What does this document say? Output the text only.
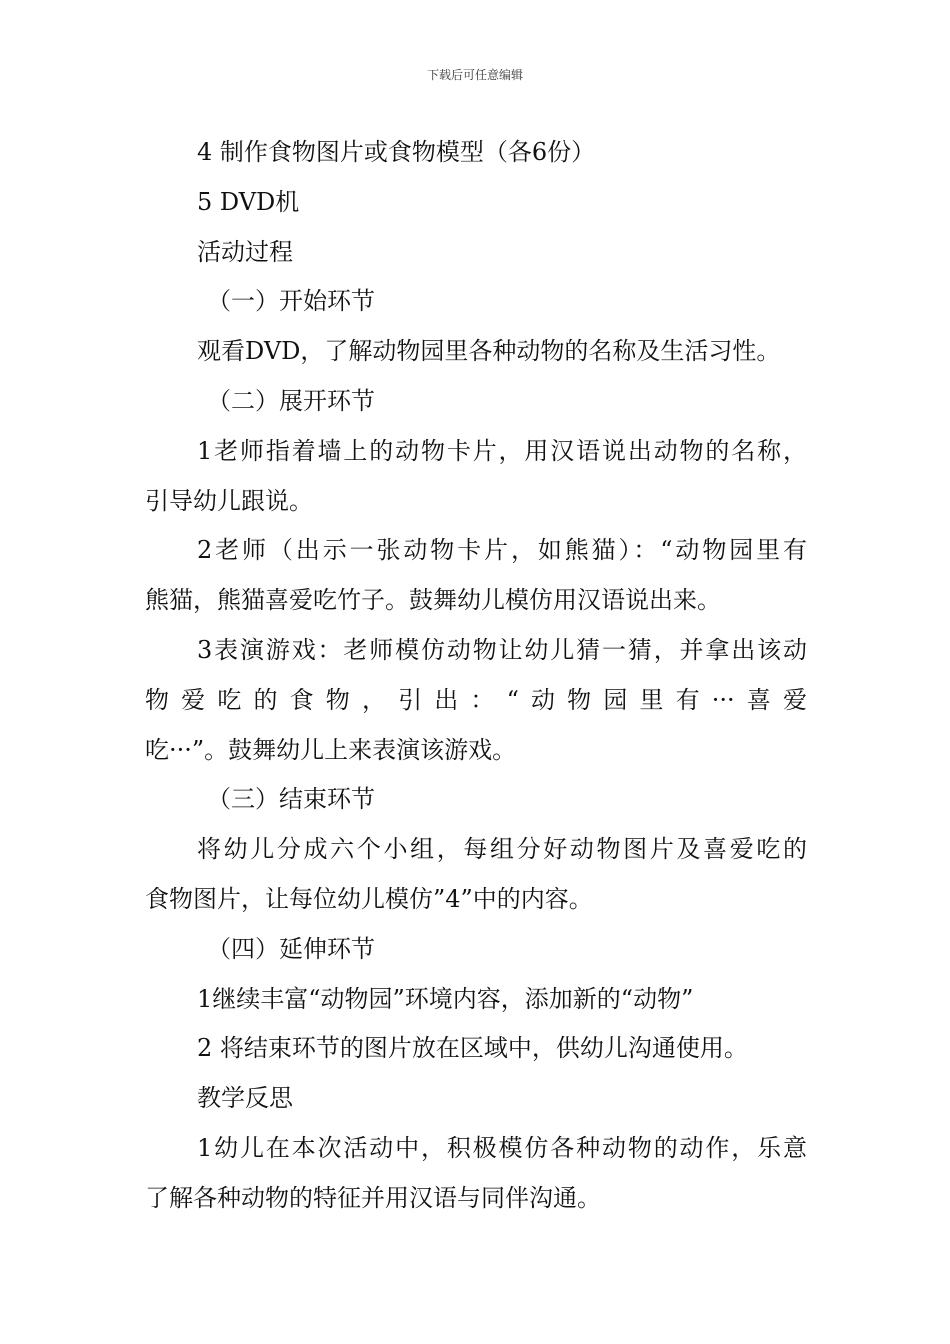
下载后可任意编辑
4 制作食物图片或食物模型（各6份）
5 DVD机
活动过程
（一）开始环节
观看DVD，了解动物园里各种动物的名称及生活习性。
（二）展开环节
1老师指着墙上的动物卡片，用汉语说出动物的名称，
引导幼儿跟说。
2老师（出示一张动物卡片，如熊猫）：“动物园里有
熊猫，熊猫喜爱吃竹子。鼓舞幼儿模仿用汉语说出来。
3表演游戏：老师模仿动物让幼儿猜一猜，并拿出该动
物爱吃的食物，引出：“动物园里有···喜爱
吃···”。鼓舞幼儿上来表演该游戏。
（三）结束环节
将幼儿分成六个小组，每组分好动物图片及喜爱吃的
食物图片，让每位幼儿模仿”4”中的内容。
（四）延伸环节
1继续丰富“动物园”环境内容，添加新的“动物”
2 将结束环节的图片放在区域中，供幼儿沟通使用。
教学反思
1幼儿在本次活动中，积极模仿各种动物的动作，乐意
了解各种动物的特征并用汉语与同伴沟通。
